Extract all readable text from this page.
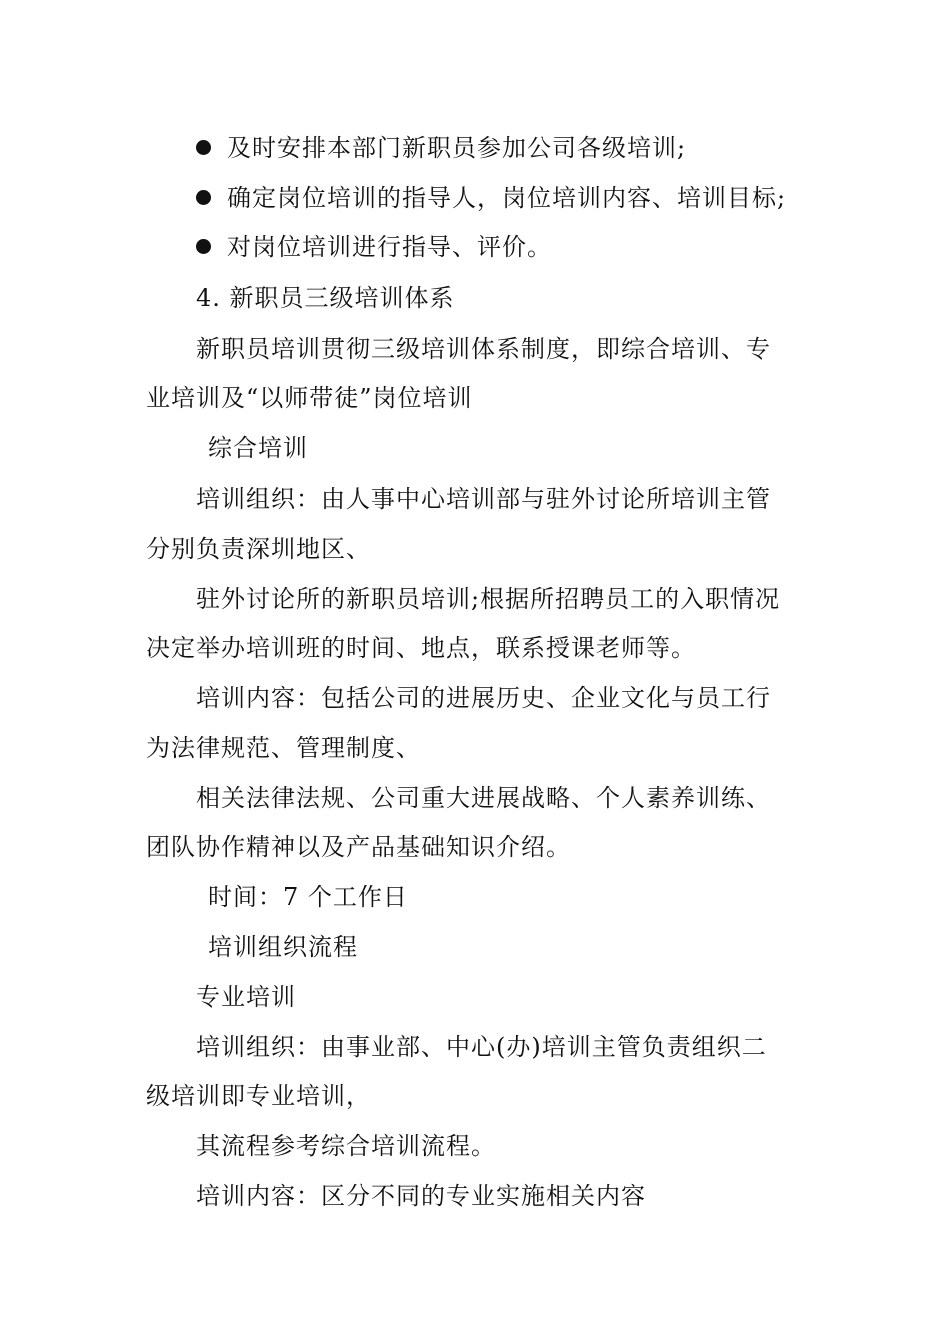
及时安排本部门新职员参加公司各级培训;
确定岗位培训的指导人，岗位培训内容、培训目标;
对岗位培训进行指导、评价。
4. 新职员三级培训体系
新职员培训贯彻三级培训体系制度，即综合培训、专
业培训及“以师带徒”岗位培训
综合培训
培训组织：由人事中心培训部与驻外讨论所培训主管
分别负责深圳地区、
驻外讨论所的新职员培训;根据所招聘员工的入职情况
决定举办培训班的时间、地点，联系授课老师等。
培训内容：包括公司的进展历史、企业文化与员工行
为法律规范、管理制度、
相关法律法规、公司重大进展战略、个人素养训练、
团队协作精神以及产品基础知识介绍。
时间：7 个工作日
培训组织流程
专业培训
培训组织：由事业部、中心(办)培训主管负责组织二
级培训即专业培训，
其流程参考综合培训流程。
培训内容：区分不同的专业实施相关内容
